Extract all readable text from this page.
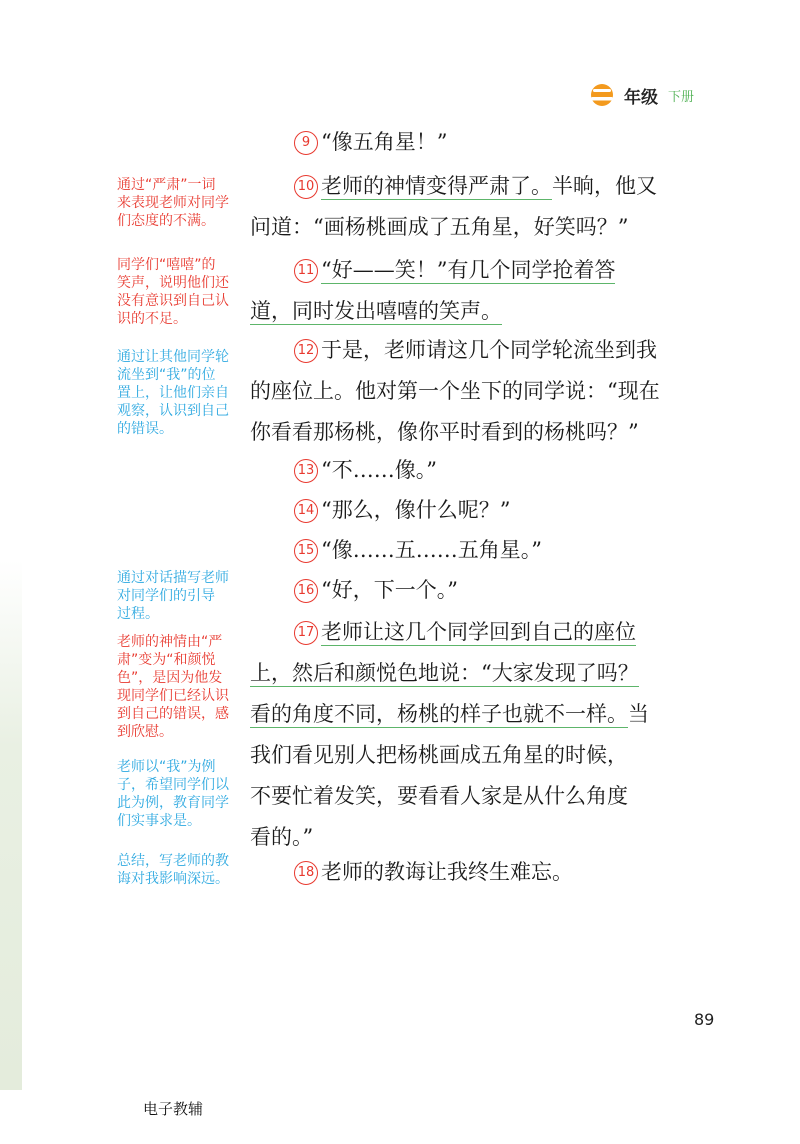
年级 下册
通过“严肃”一词
来表现老师对同学
们态度的不满。
同学们“嘻嘻”的
笑声，说明他们还
没有意识到自己认
识的不足。
通过让其他同学轮
流坐到“我”的位
置上，让他们亲自
观察，认识到自己
的错误。
通过对话描写老师
对同学们的引导
过程。
老师的神情由“严
肃”变为“和颜悦
色”，是因为他发
现同学们已经认识
到自己的错误，感
到欣慰。
老师以“我”为例
子，希望同学们以
此为例，教育同学
们实事求是。
总结，写老师的教
诲对我影响深远。
9 “像五角星！”
10 老师的神情变得严肃了。半晌，他又
问道：“画杨桃画成了五角星，好笑吗？”
11 “好——笑！”有几个同学抢着答
道，同时发出嘻嘻的笑声。
12 于是，老师请这几个同学轮流坐到我
的座位上。他对第一个坐下的同学说：“现在
你看看那杨桃，像你平时看到的杨桃吗？”
13 “不……像。”
14 “那么，像什么呢？”
15 “像……五……五角星。”
16 “好，下一个。”
17 老师让这几个同学回到自己的座位
上，然后和颜悦色地说：“大家发现了吗？
看的角度不同，杨桃的样子也就不一样。当
我们看见别人把杨桃画成五角星的时候，
不要忙着发笑，要看看人家是从什么角度
看的。”
18 老师的教诲让我终生难忘。
89
电子教辅
